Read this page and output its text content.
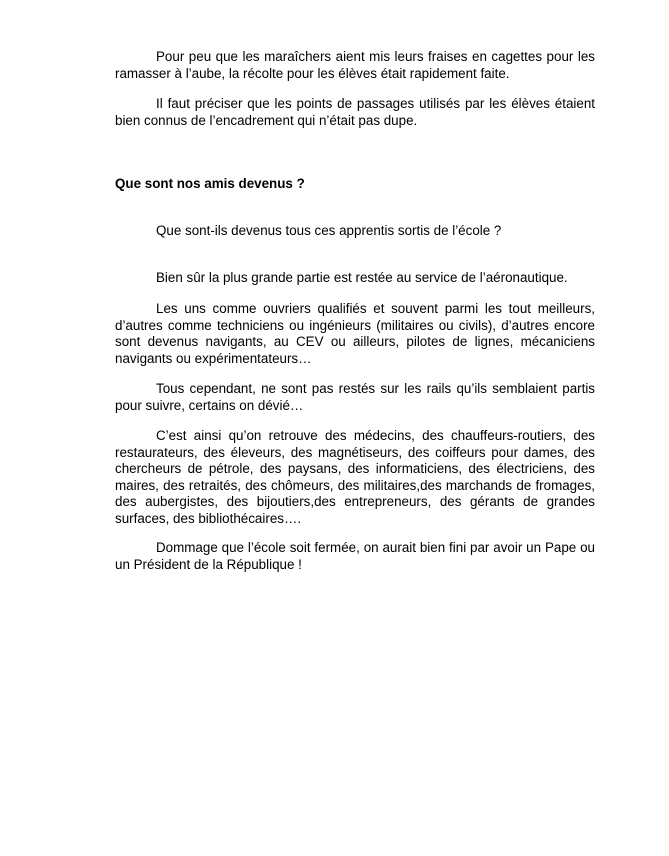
Pour peu que les maraîchers aient mis leurs fraises en cagettes pour les ramasser à l’aube, la récolte pour les élèves était rapidement faite.

Il faut préciser que les points de passages utilisés par les élèves étaient bien connus de l’encadrement qui n’était pas dupe.

Que sont nos amis devenus ?

Que sont-ils devenus tous ces apprentis sortis de l’école ?

Bien sûr la plus grande partie est restée au service de l’aéronautique.

Les uns comme ouvriers qualifiés et souvent parmi les tout meilleurs, d’autres comme techniciens ou ingénieurs (militaires ou civils), d’autres encore sont devenus navigants, au CEV ou ailleurs, pilotes de lignes, mécaniciens navigants ou expérimentateurs…

Tous cependant, ne sont pas restés sur les rails qu’ils semblaient partis pour suivre, certains on dévié…

C’est ainsi qu’on retrouve des médecins, des chauffeurs-routiers, des restaurateurs, des éleveurs, des magnétiseurs, des coiffeurs pour dames, des chercheurs de pétrole, des paysans, des informaticiens, des électriciens, des maires, des retraités, des chômeurs, des militaires,des marchands de fromages, des aubergistes, des bijoutiers,des entrepreneurs, des gérants de grandes surfaces, des bibliothécaires….

Dommage que l’école soit fermée, on aurait bien fini par avoir un Pape ou un Président de la République !
